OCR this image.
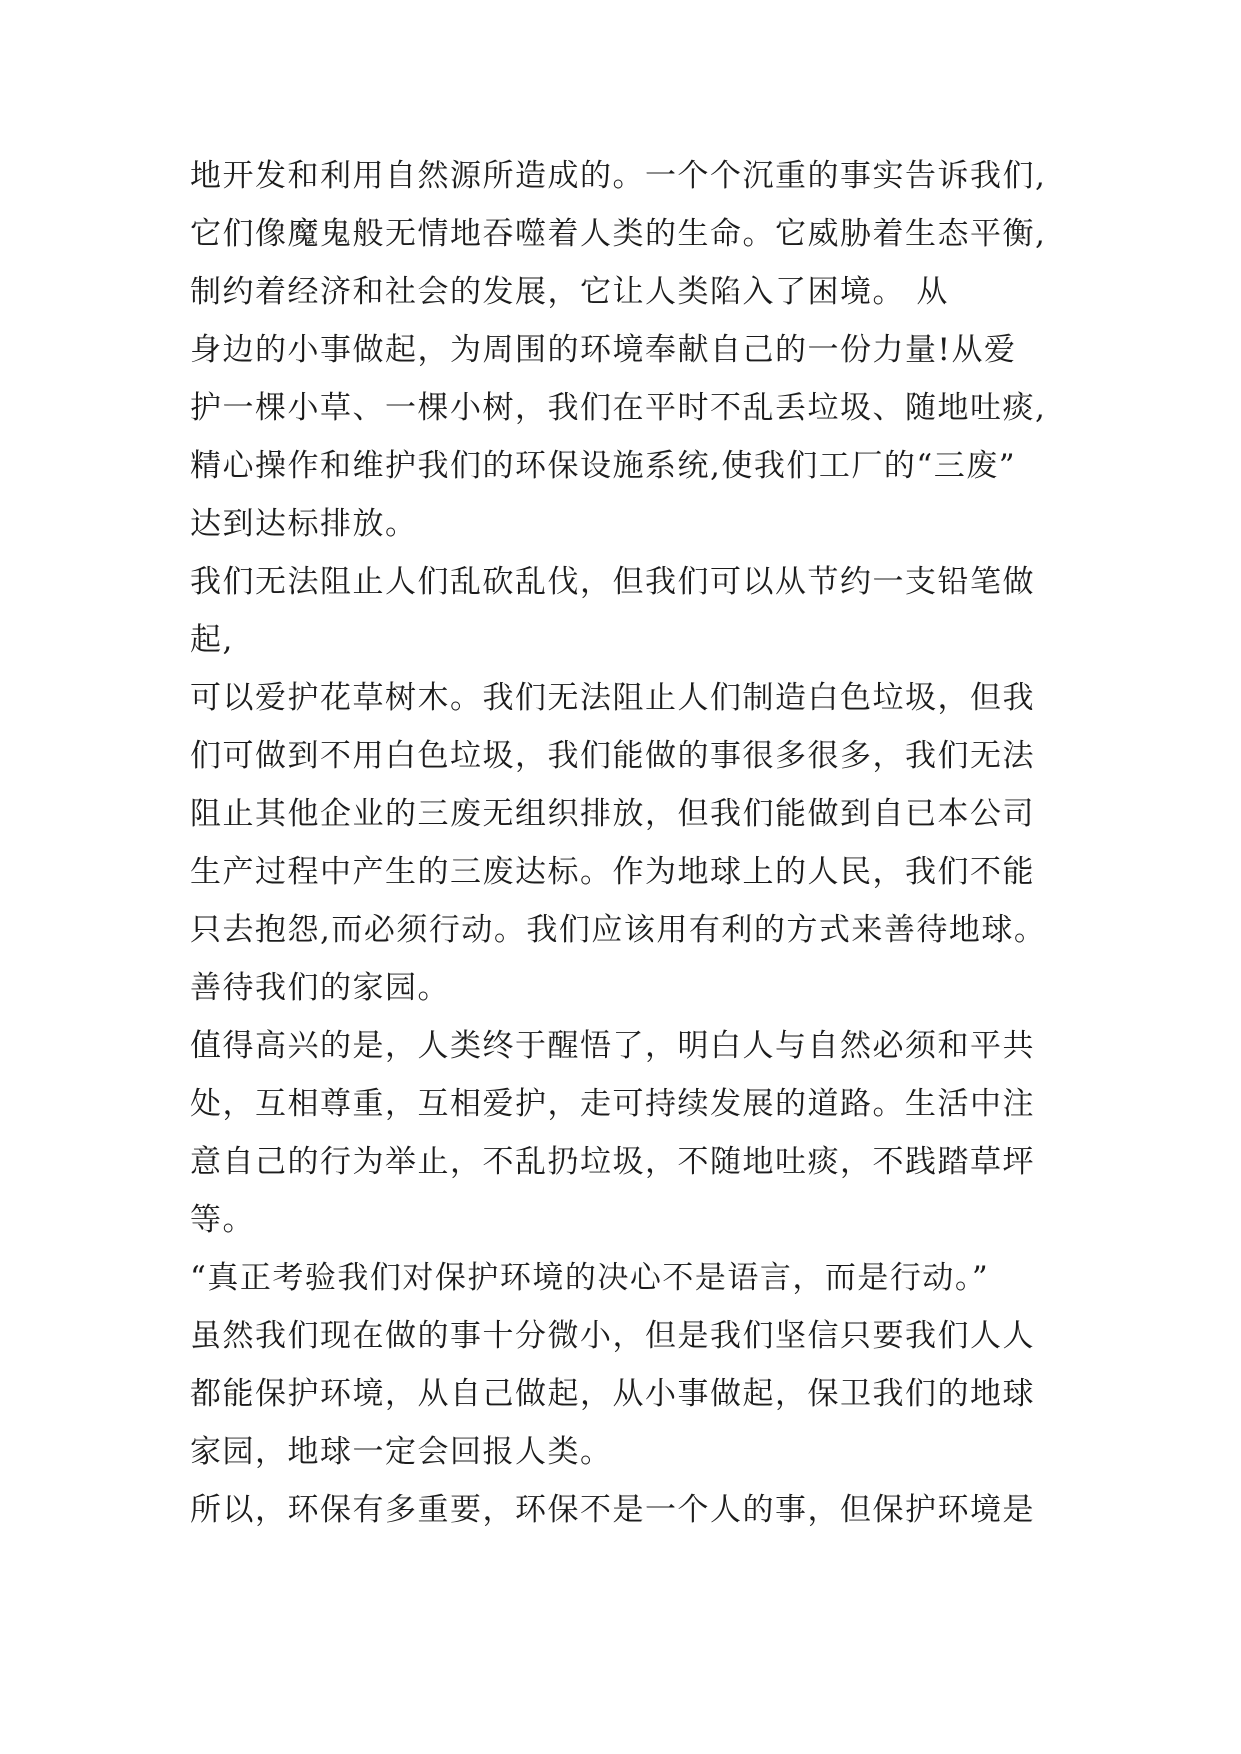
地开发和利用自然源所造成的。一个个沉重的事实告诉我们,
它们像魔鬼般无情地吞噬着人类的生命。它威胁着生态平衡,
制约着经济和社会的发展，它让人类陷入了困境。 从
身边的小事做起，为周围的环境奉献自己的一份力量!从爱
护一棵小草、一棵小树，我们在平时不乱丢垃圾、随地吐痰,
精心操作和维护我们的环保设施系统,使我们工厂的“三废”
达到达标排放。
我们无法阻止人们乱砍乱伐，但我们可以从节约一支铅笔做
起,
可以爱护花草树木。我们无法阻止人们制造白色垃圾，但我
们可做到不用白色垃圾，我们能做的事很多很多，我们无法
阻止其他企业的三废无组织排放，但我们能做到自已本公司
生产过程中产生的三废达标。作为地球上的人民，我们不能
只去抱怨,而必须行动。我们应该用有利的方式来善待地球。
善待我们的家园。
值得高兴的是，人类终于醒悟了，明白人与自然必须和平共
处，互相尊重，互相爱护，走可持续发展的道路。生活中注
意自己的行为举止，不乱扔垃圾，不随地吐痰，不践踏草坪
等。
“真正考验我们对保护环境的决心不是语言，而是行动。”
虽然我们现在做的事十分微小，但是我们坚信只要我们人人
都能保护环境，从自己做起，从小事做起，保卫我们的地球
家园，地球一定会回报人类。
所以，环保有多重要，环保不是一个人的事，但保护环境是
